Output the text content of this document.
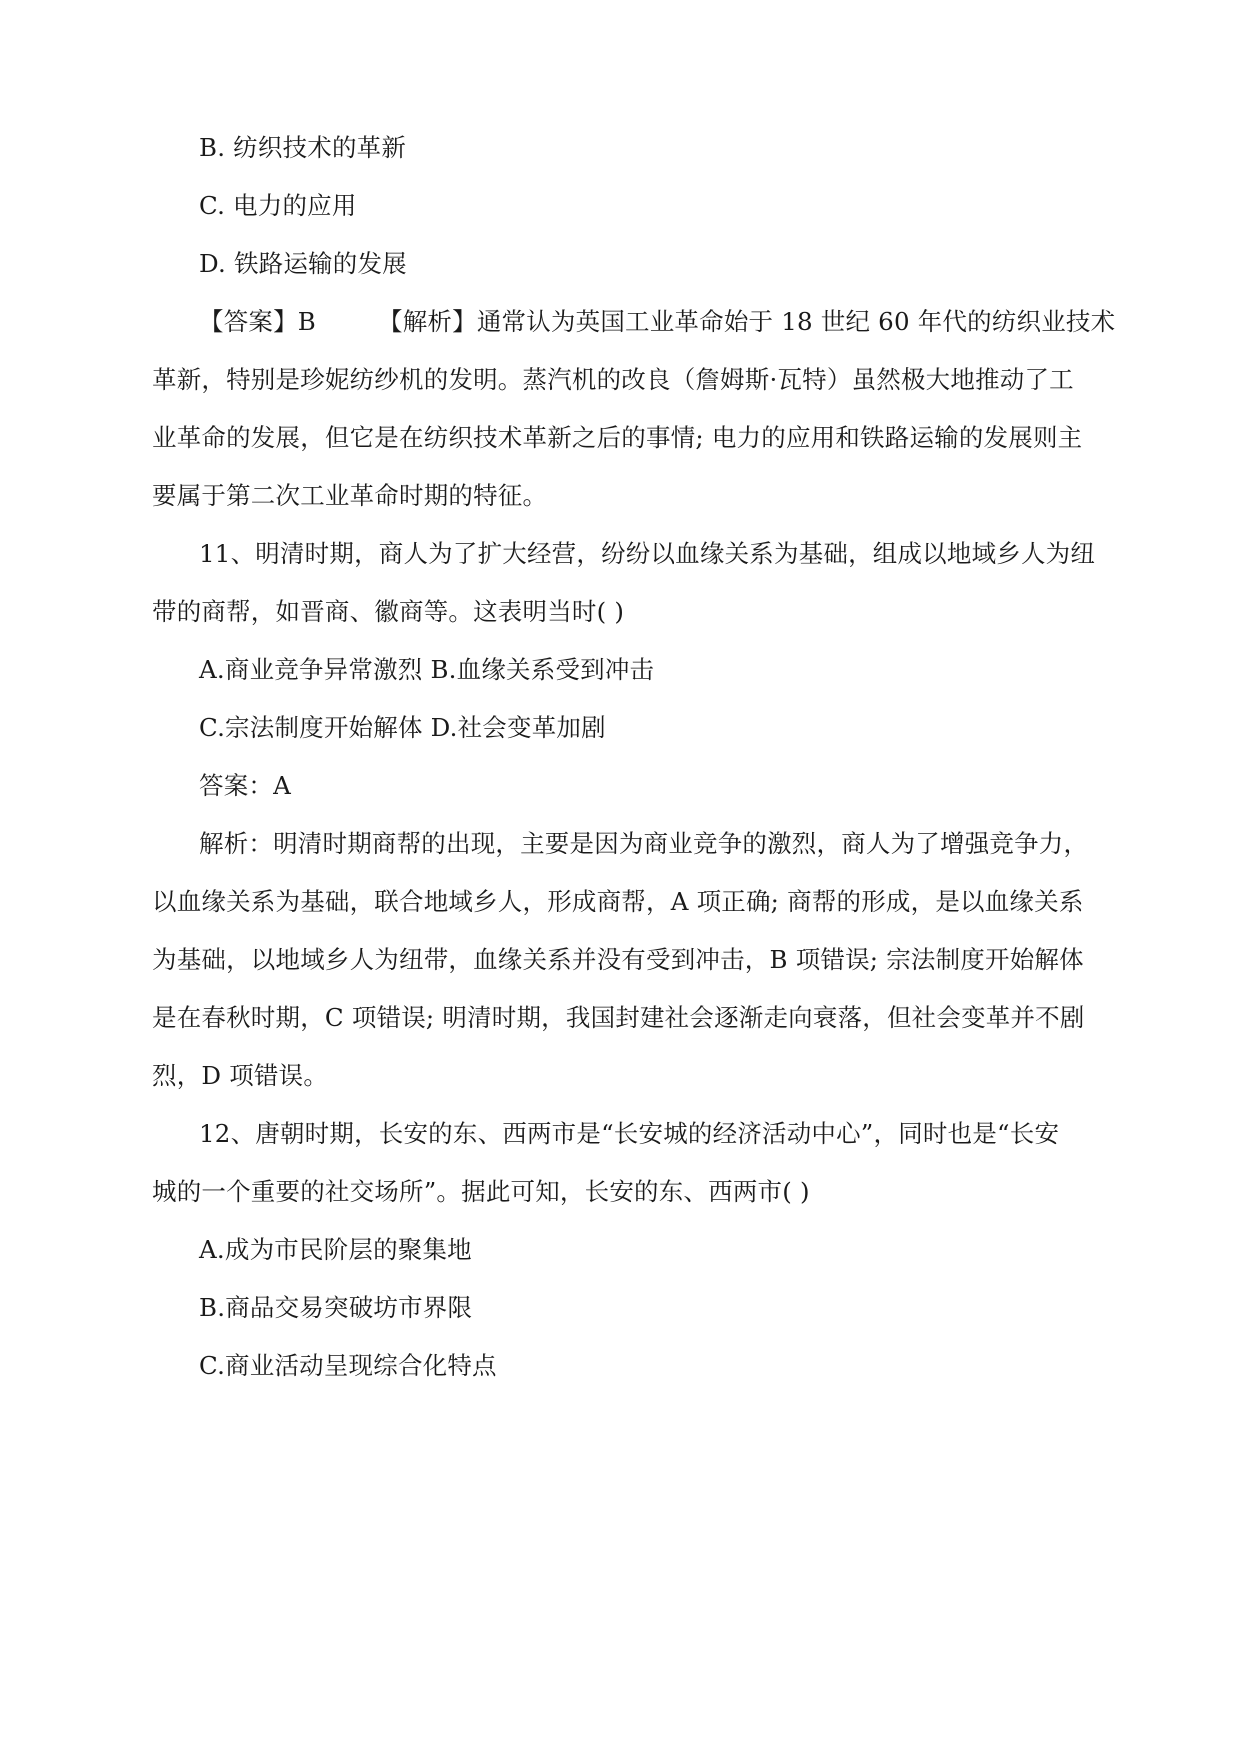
B. 纺织技术的革新
C. 电力的应用
D. 铁路运输的发展
【答案】B	【解析】通常认为英国工业革命始于 18 世纪 60 年代的纺织业技术
革新，特别是珍妮纺纱机的发明。蒸汽机的改良（詹姆斯·瓦特）虽然极大地推动了工
业革命的发展，但它是在纺织技术革新之后的事情; 电力的应用和铁路运输的发展则主
要属于第二次工业革命时期的特征。
11、明清时期，商人为了扩大经营，纷纷以血缘关系为基础，组成以地域乡人为纽
带的商帮，如晋商、徽商等。这表明当时( )
A.商业竞争异常激烈 B.血缘关系受到冲击
C.宗法制度开始解体 D.社会变革加剧
答案：A
解析：明清时期商帮的出现，主要是因为商业竞争的激烈，商人为了增强竞争力，
以血缘关系为基础，联合地域乡人，形成商帮，A 项正确; 商帮的形成，是以血缘关系
为基础，以地域乡人为纽带，血缘关系并没有受到冲击，B 项错误; 宗法制度开始解体
是在春秋时期，C 项错误; 明清时期，我国封建社会逐渐走向衰落，但社会变革并不剧
烈，D 项错误。
12、唐朝时期，长安的东、西两市是“长安城的经济活动中心”，同时也是“长安
城的一个重要的社交场所”。据此可知，长安的东、西两市( )
A.成为市民阶层的聚集地
B.商品交易突破坊市界限
C.商业活动呈现综合化特点
